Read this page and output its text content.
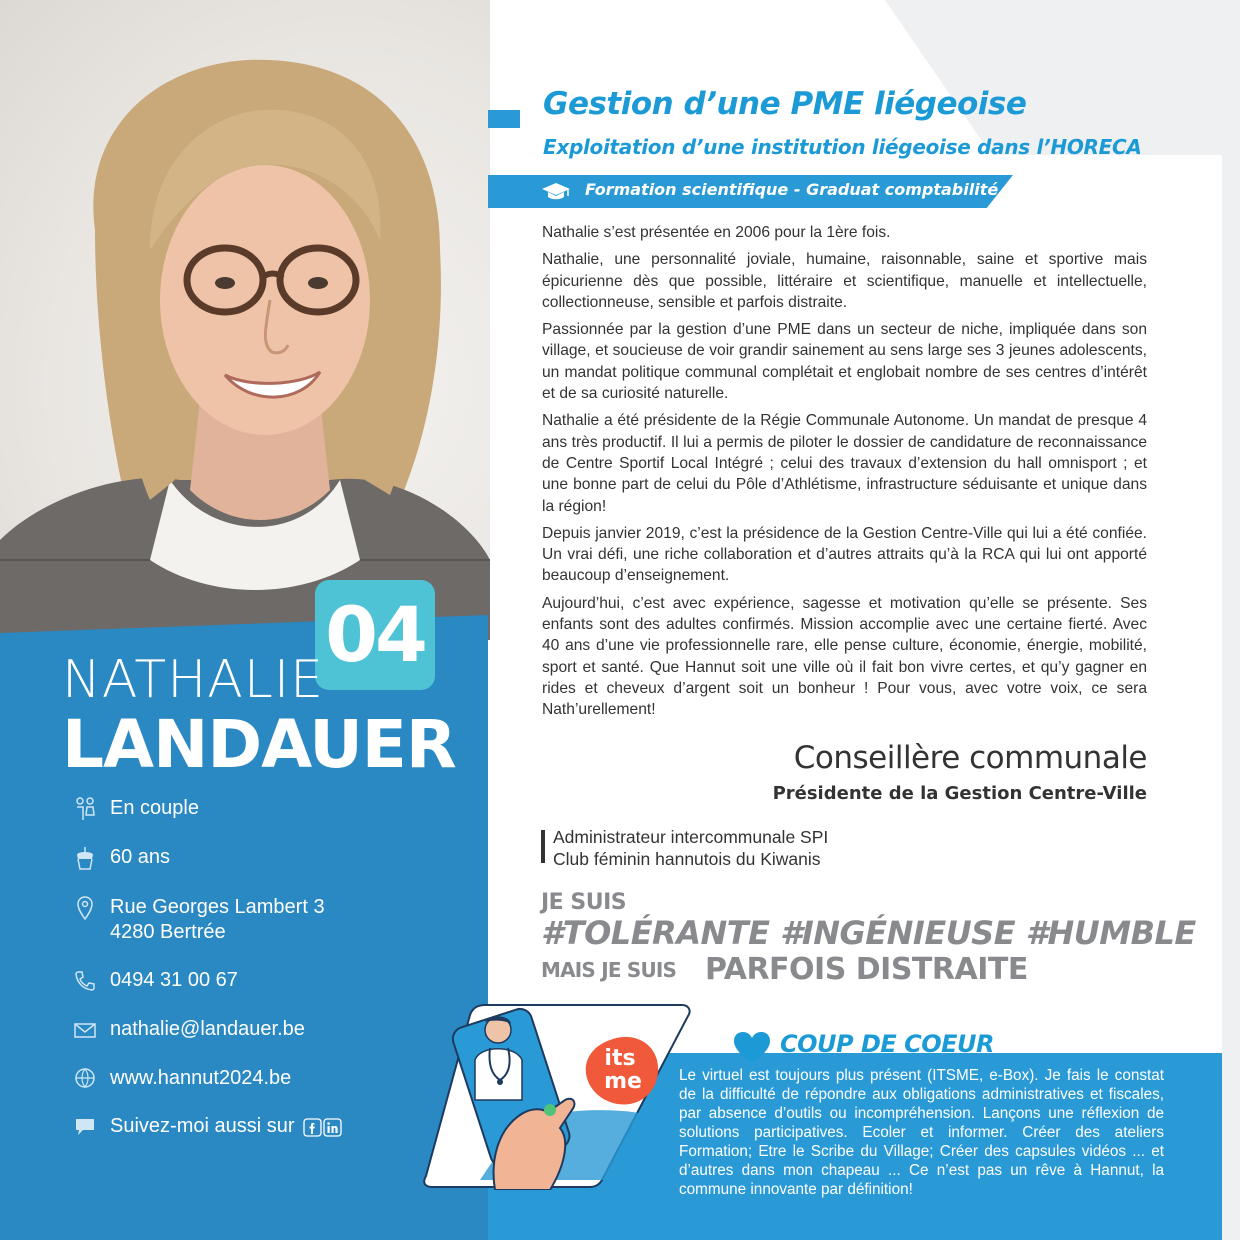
04
NATHALIE
LANDAUER
En couple
60 ans
Rue Georges Lambert 3
4280 Bertrée
0494 31 00 67
nathalie@landauer.be
www.hannut2024.be
Suivez-moi aussi sur
Gestion d’une PME liégeoise
Exploitation d’une institution liégeoise dans l’HORECA
Formation scientifique - Graduat comptabilité

Nathalie s’est présentée en 2006 pour la 1ère fois.

Nathalie, une personnalité joviale, humaine, raisonnable, saine et sportive mais épicurienne dès que possible, littéraire et scientifique, manuelle et intellectuelle, collectionneuse, sensible et parfois distraite.

Passionnée par la gestion d’une PME dans un secteur de niche, impliquée dans son village, et soucieuse de voir grandir sainement au sens large ses 3 jeunes adolescents, un mandat politique communal complétait et englobait nombre de ses centres d’intérêt et de sa curiosité naturelle.

Nathalie a été présidente de la Régie Communale Autonome. Un mandat de presque 4 ans très productif. Il lui a permis de piloter le dossier de candidature de reconnaissance de Centre Sportif Local Intégré ; celui des travaux d’extension du hall omnisport ; et une bonne part de celui du Pôle d’Athlétisme, infrastructure séduisante et unique dans la région!

Depuis janvier 2019, c’est la présidence de la Gestion Centre-Ville qui lui a été confiée. Un vrai défi, une riche collaboration et d’autres attraits qu’à la RCA qui lui ont apporté beaucoup d’enseignement.

Aujourd’hui, c’est avec expérience, sagesse et motivation qu’elle se présente. Ses enfants sont des adultes confirmés. Mission accomplie avec une certaine fierté. Avec 40 ans d’une vie professionnelle rare, elle pense culture, économie, énergie, mobilité, sport et santé. Que Hannut soit une ville où il fait bon vivre certes, et qu’y gagner en rides et cheveux d’argent soit un bonheur ! Pour vous, avec votre voix, ce sera Nath’urellement!

Conseillère communale
Présidente de la Gestion Centre-Ville
Administrateur intercommunale SPI
Club féminin hannutois du Kiwanis
JE SUIS
#TOLÉRANTE #INGÉNIEUSE #HUMBLE
MAIS JE SUIS PARFOIS DISTRAITE
COUP DE COEUR
its
me Le virtuel est toujours plus présent (ITSME, e-Box). Je fais le constat de la difficulté de répondre aux obligations administratives et fiscales, par absence d’outils ou incompréhension. Lançons une réflexion de solutions participatives. Ecoler et informer. Créer des ateliers Formation; Etre le Scribe du Village; Créer des capsules vidéos ... et d’autres dans mon chapeau ... Ce n’est pas un rêve à Hannut, la commune innovante par définition!
